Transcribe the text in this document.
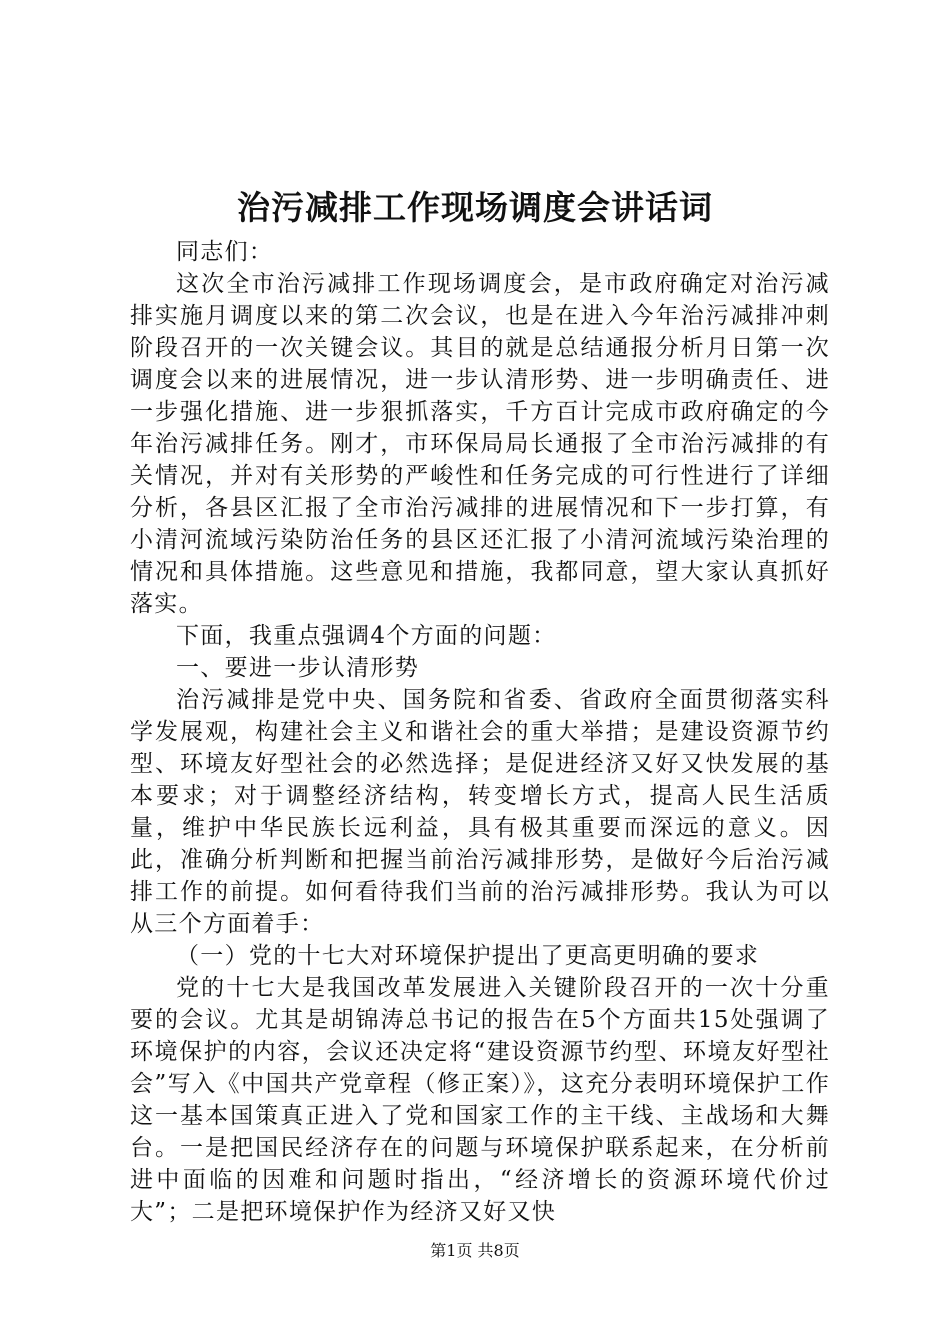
治污减排工作现场调度会讲话词

同志们：

这次全市治污减排工作现场调度会，是市政府确定对治污减排实施月调度以来的第二次会议，也是在进入今年治污减排冲刺阶段召开的一次关键会议。其目的就是总结通报分析月日第一次调度会以来的进展情况，进一步认清形势、进一步明确责任、进一步强化措施、进一步狠抓落实，千方百计完成市政府确定的今年治污减排任务。刚才，市环保局局长通报了全市治污减排的有关情况，并对有关形势的严峻性和任务完成的可行性进行了详细分析，各县区汇报了全市治污减排的进展情况和下一步打算，有小清河流域污染防治任务的县区还汇报了小清河流域污染治理的情况和具体措施。这些意见和措施，我都同意，望大家认真抓好落实。

下面，我重点强调4个方面的问题：

一、要进一步认清形势

治污减排是党中央、国务院和省委、省政府全面贯彻落实科学发展观，构建社会主义和谐社会的重大举措；是建设资源节约型、环境友好型社会的必然选择；是促进经济又好又快发展的基本要求；对于调整经济结构，转变增长方式，提高人民生活质量，维护中华民族长远利益，具有极其重要而深远的意义。因此，准确分析判断和把握当前治污减排形势，是做好今后治污减排工作的前提。如何看待我们当前的治污减排形势。我认为可以从三个方面着手：

（一）党的十七大对环境保护提出了更高更明确的要求

党的十七大是我国改革发展进入关键阶段召开的一次十分重要的会议。尤其是胡锦涛总书记的报告在5个方面共15处强调了环境保护的内容，会议还决定将“建设资源节约型、环境友好型社会”写入《中国共产党章程（修正案）》，这充分表明环境保护工作这一基本国策真正进入了党和国家工作的主干线、主战场和大舞台。一是把国民经济存在的问题与环境保护联系起来，在分析前进中面临的因难和问题时指出，“经济增长的资源环境代价过大”；二是把环境保护作为经济又好又快

第1页 共8页
